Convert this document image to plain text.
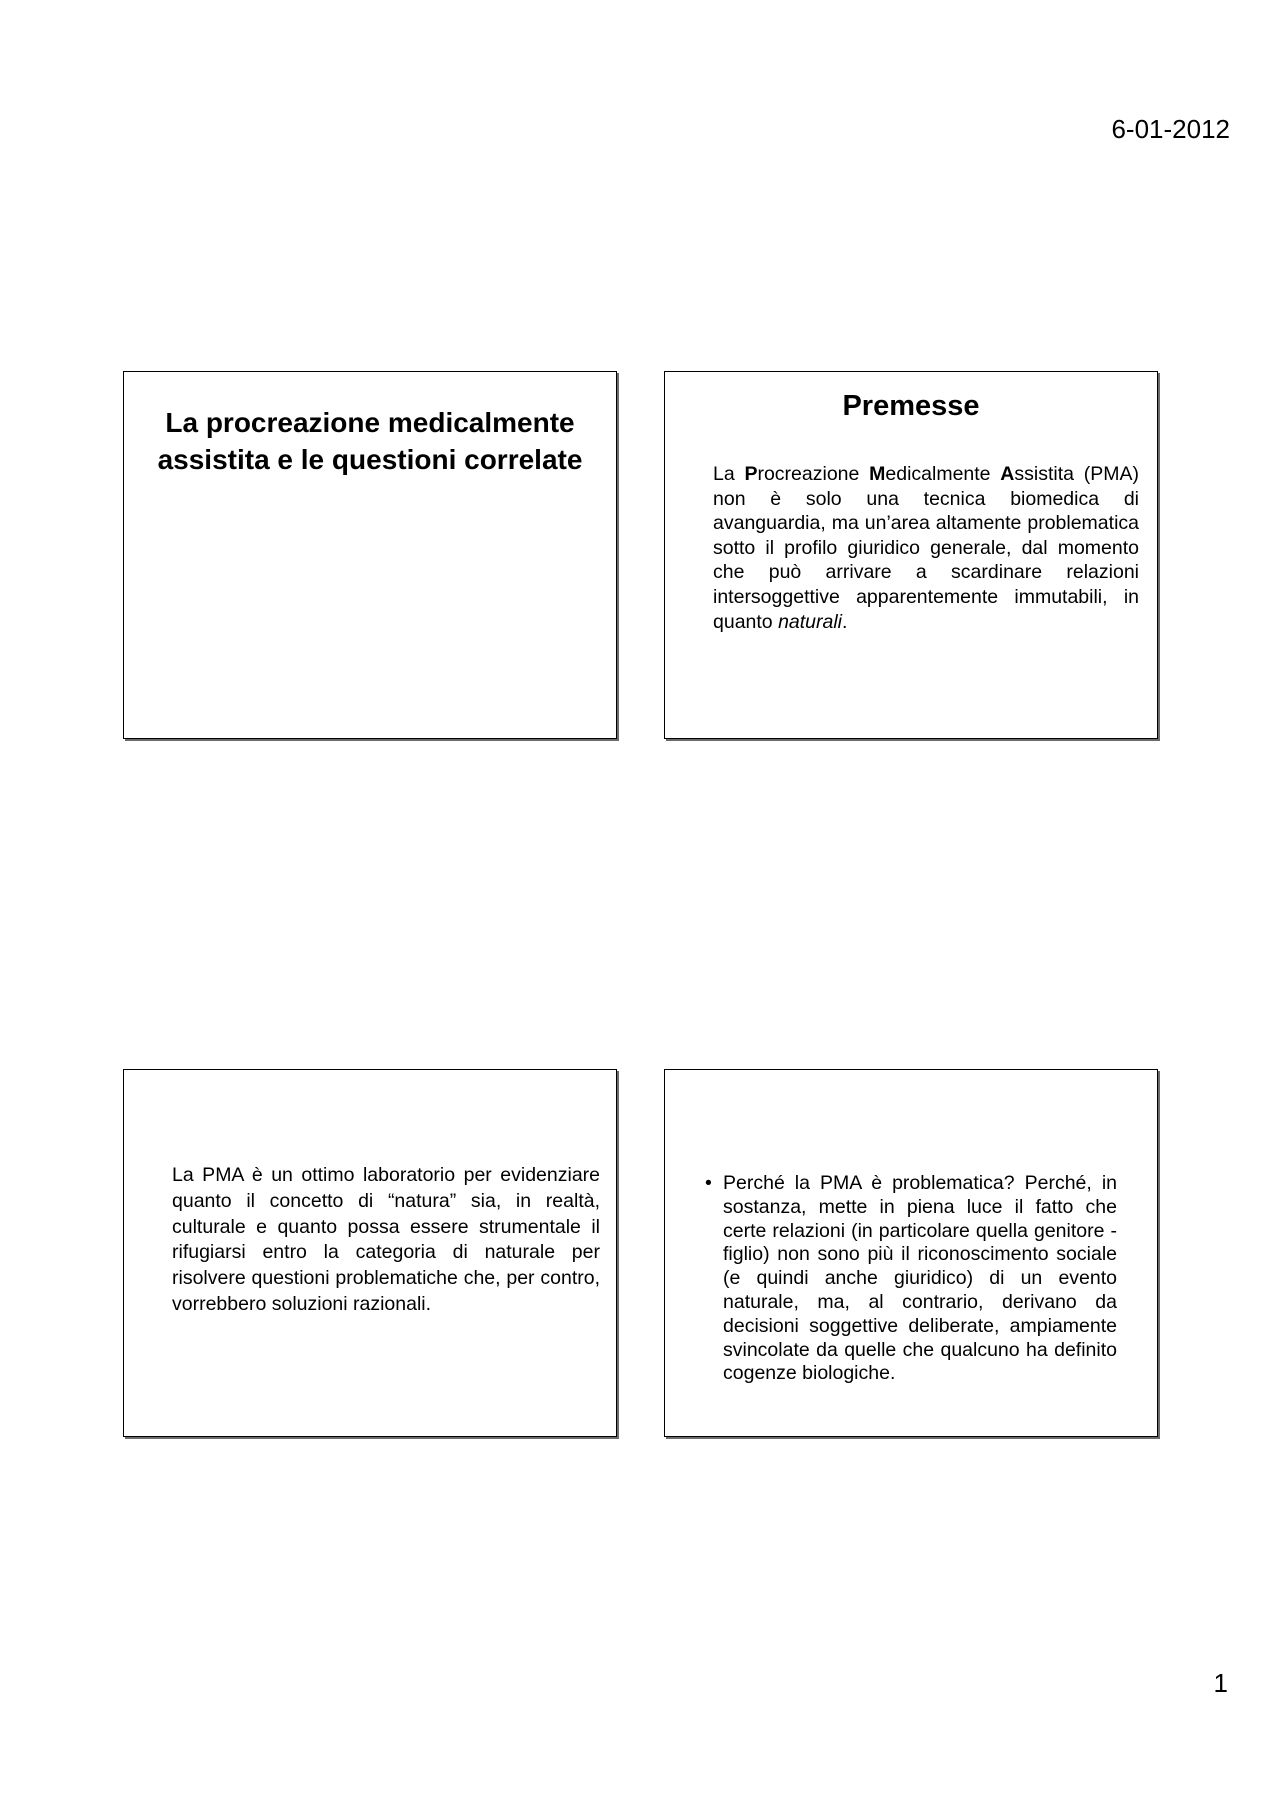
6-01-2012
La procreazione medicalmente assistita e le questioni correlate
Premesse
La Procreazione Medicalmente Assistita (PMA) non è solo una tecnica biomedica di avanguardia, ma un’area altamente problematica sotto il profilo giuridico generale, dal momento che può arrivare a scardinare relazioni intersoggettive apparentemente immutabili, in quanto naturali.
La PMA è un ottimo laboratorio per evidenziare quanto il concetto di “natura” sia, in realtà, culturale e quanto possa essere strumentale il rifugiarsi entro la categoria di naturale per risolvere questioni problematiche che, per contro, vorrebbero soluzioni razionali.
• Perché la PMA è problematica? Perché, in sostanza, mette in piena luce il fatto che certe relazioni (in particolare quella genitore - figlio) non sono più il riconoscimento sociale (e quindi anche giuridico) di un evento naturale, ma, al contrario, derivano da decisioni soggettive deliberate, ampiamente svincolate da quelle che qualcuno ha definito cogenze biologiche.
1
